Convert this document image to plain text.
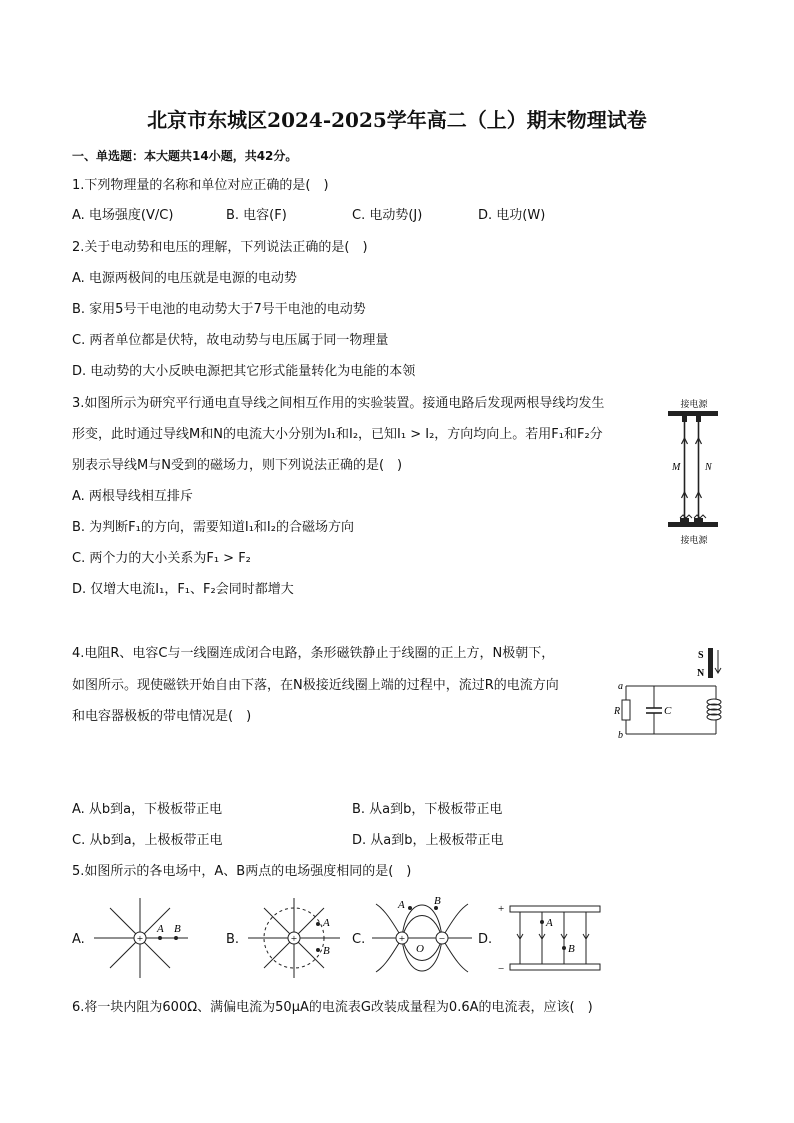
北京市东城区2024-2025学年高二（上）期末物理试卷
一、单选题：本大题共14小题，共42分。
1.下列物理量的名称和单位对应正确的是(　)
A. 电场强度(V/C)	B. 电容(F)	C. 电动势(J)	D. 电功(W)
2.关于电动势和电压的理解，下列说法正确的是(　)
A. 电源两极间的电压就是电源的电动势
B. 家用5号干电池的电动势大于7号干电池的电动势
C. 两者单位都是伏特，故电动势与电压属于同一物理量
D. 电动势的大小反映电源把其它形式能量转化为电能的本领
3.如图所示为研究平行通电直导线之间相互作用的实验装置。接通电路后发现两根导线均发生
形变，此时通过导线M和N的电流大小分别为I₁和I₂，已知I₁ > I₂，方向均向上。若用F₁和F₂分
别表示导线M与N受到的磁场力，则下列说法正确的是(　)
A. 两根导线相互排斥
B. 为判断F₁的方向，需要知道I₁和I₂的合磁场方向
C. 两个力的大小关系为F₁ > F₂
D. 仅增大电流I₁，F₁、F₂会同时都增大
接电源
M N
接电源
4.电阻R、电容C与一线圈连成闭合电路，条形磁铁静止于线圈的正上方，N极朝下，
如图所示。现使磁铁开始自由下落，在N极接近线圈上端的过程中，流过R的电流方向
和电容器极板的带电情况是(　)
S
N
a
b
R	C
A. 从b到a，下极板带正电	B. 从a到b，下极板带正电
C. 从b到a，上极板带正电	D. 从a到b，上极板带正电
5.如图所示的各电场中，A、B两点的电场强度相同的是(　)
A.	+
A B
B.	+
A
B
C.	+	−
A	B
O
D.
+
−
A
B
6.将一块内阻为600Ω、满偏电流为50μA的电流表G改装成量程为0.6A的电流表，应该(　)
